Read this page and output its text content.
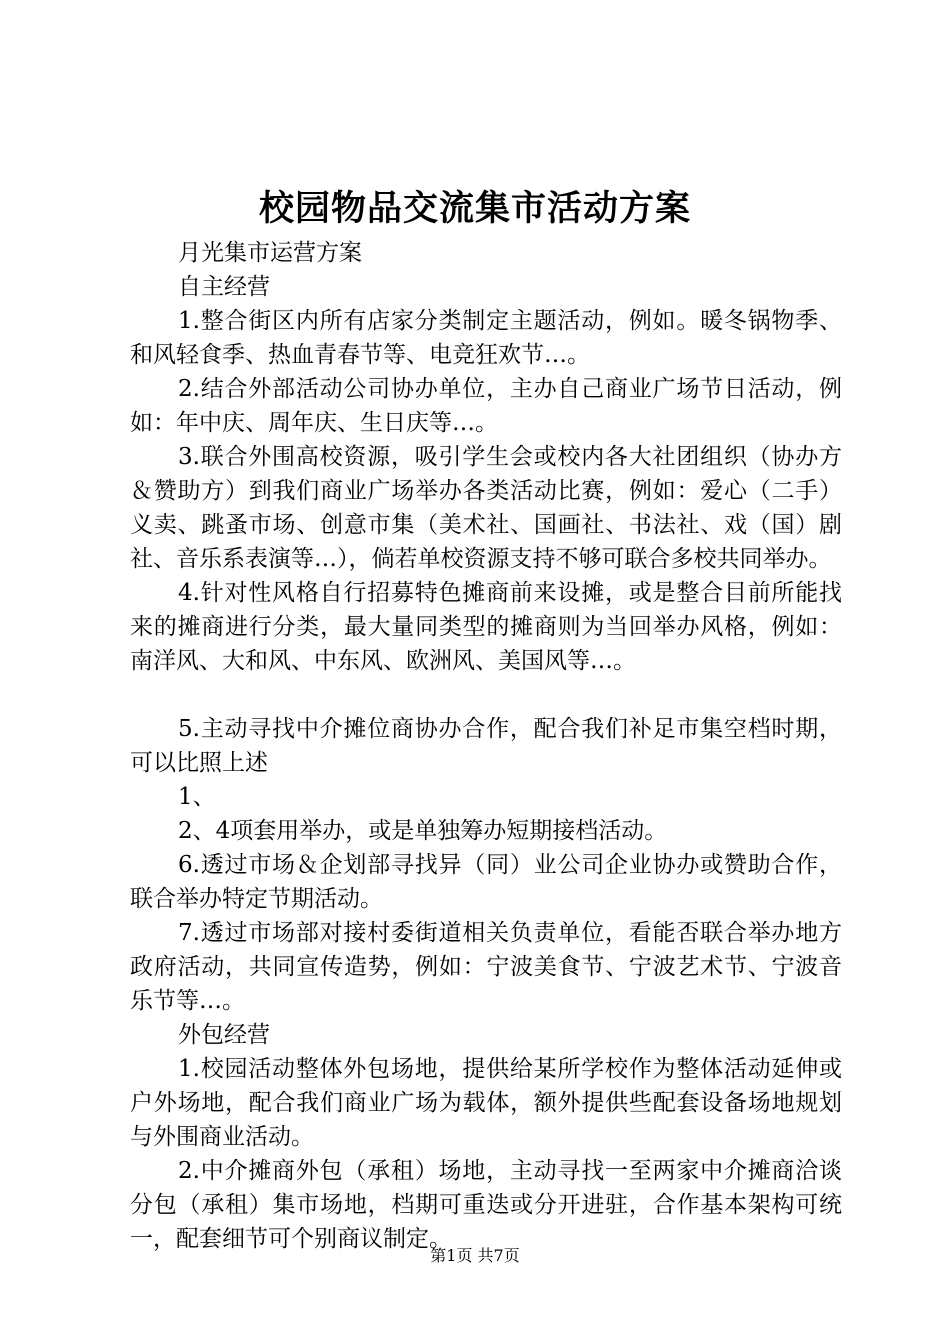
校园物品交流集市活动方案

月光集市运营方案

自主经营

1.整合街区内所有店家分类制定主题活动，例如。暖冬锅物季、和风轻食季、热血青春节等、电竞狂欢节…。

2.结合外部活动公司协办单位，主办自己商业广场节日活动，例如：年中庆、周年庆、生日庆等…。

3.联合外围高校资源，吸引学生会或校内各大社团组织（协办方＆赞助方）到我们商业广场举办各类活动比赛，例如：爱心（二手）义卖、跳蚤市场、创意市集（美术社、国画社、书法社、戏（国）剧社、音乐系表演等…），倘若单校资源支持不够可联合多校共同举办。

4.针对性风格自行招募特色摊商前来设摊，或是整合目前所能找来的摊商进行分类，最大量同类型的摊商则为当回举办风格，例如：南洋风、大和风、中东风、欧洲风、美国风等…。

5.主动寻找中介摊位商协办合作，配合我们补足市集空档时期，可以比照上述

1、

2、4项套用举办，或是单独筹办短期接档活动。

6.透过市场＆企划部寻找异（同）业公司企业协办或赞助合作，联合举办特定节期活动。

7.透过市场部对接村委街道相关负责单位，看能否联合举办地方政府活动，共同宣传造势，例如：宁波美食节、宁波艺术节、宁波音乐节等…。

外包经营

1.校园活动整体外包场地，提供给某所学校作为整体活动延伸或户外场地，配合我们商业广场为载体，额外提供些配套设备场地规划与外围商业活动。

2.中介摊商外包（承租）场地，主动寻找一至两家中介摊商洽谈分包（承租）集市场地，档期可重迭或分开进驻，合作基本架构可统一，配套细节可个别商议制定。

第1页 共7页
